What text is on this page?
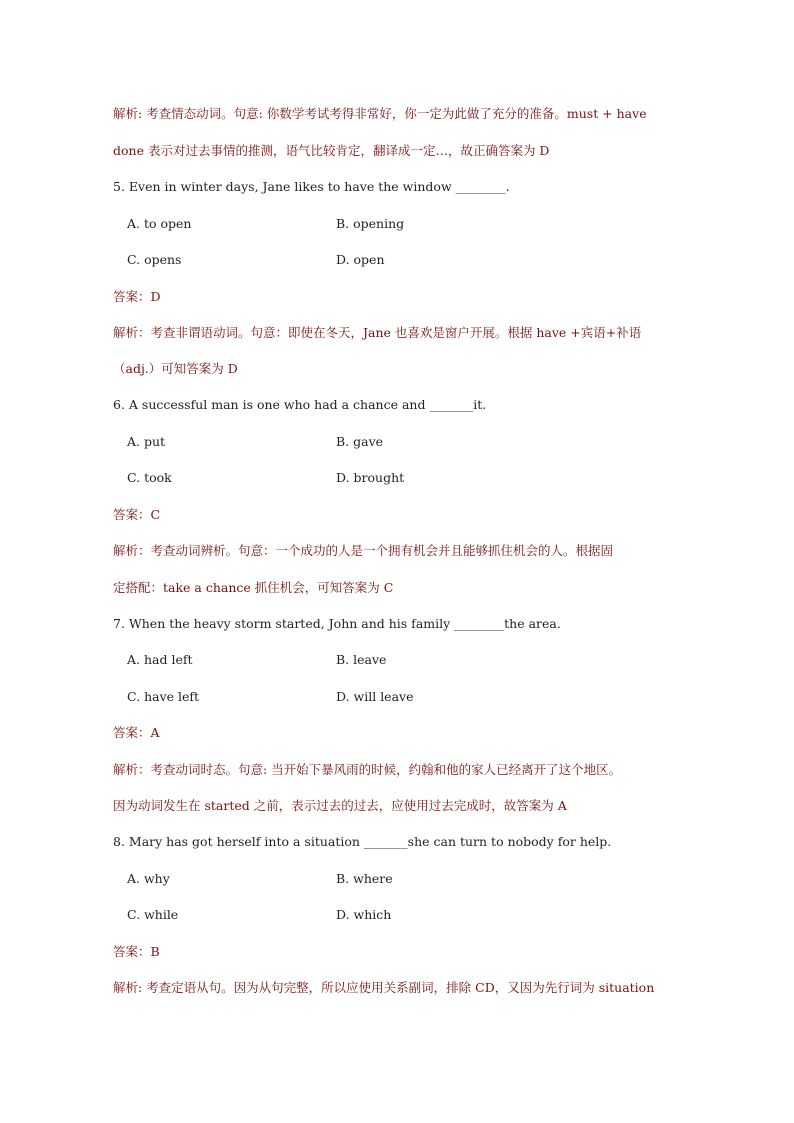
解析: 考查情态动词。句意: 你数学考试考得非常好，你一定为此做了充分的准备。must + have
done 表示对过去事情的推测，语气比较肯定，翻译成一定…，故正确答案为 D
5. Even in winter days, Jane likes to have the window ________.
A. to open	B. opening
C. opens	D. open
答案：D
解析：考查非谓语动词。句意：即使在冬天，Jane 也喜欢是窗户开展。根据 have +宾语+补语
（adj.）可知答案为 D
6. A successful man is one who had a chance and _______it.
A. put	B. gave
C. took	D. brought
答案：C
解析：考查动词辨析。句意：一个成功的人是一个拥有机会并且能够抓住机会的人。根据固
定搭配：take a chance 抓住机会，可知答案为 C
7. When the heavy storm started, John and his family ________the area.
A. had left	B. leave
C. have left	D. will leave
答案：A
解析：考查动词时态。句意: 当开始下暴风雨的时候，约翰和他的家人已经离开了这个地区。
因为动词发生在 started 之前，表示过去的过去，应使用过去完成时，故答案为 A
8. Mary has got herself into a situation _______she can turn to nobody for help.
A. why	B. where
C. while	D. which
答案：B
解析: 考查定语从句。因为从句完整，所以应使用关系副词，排除 CD，又因为先行词为 situation
